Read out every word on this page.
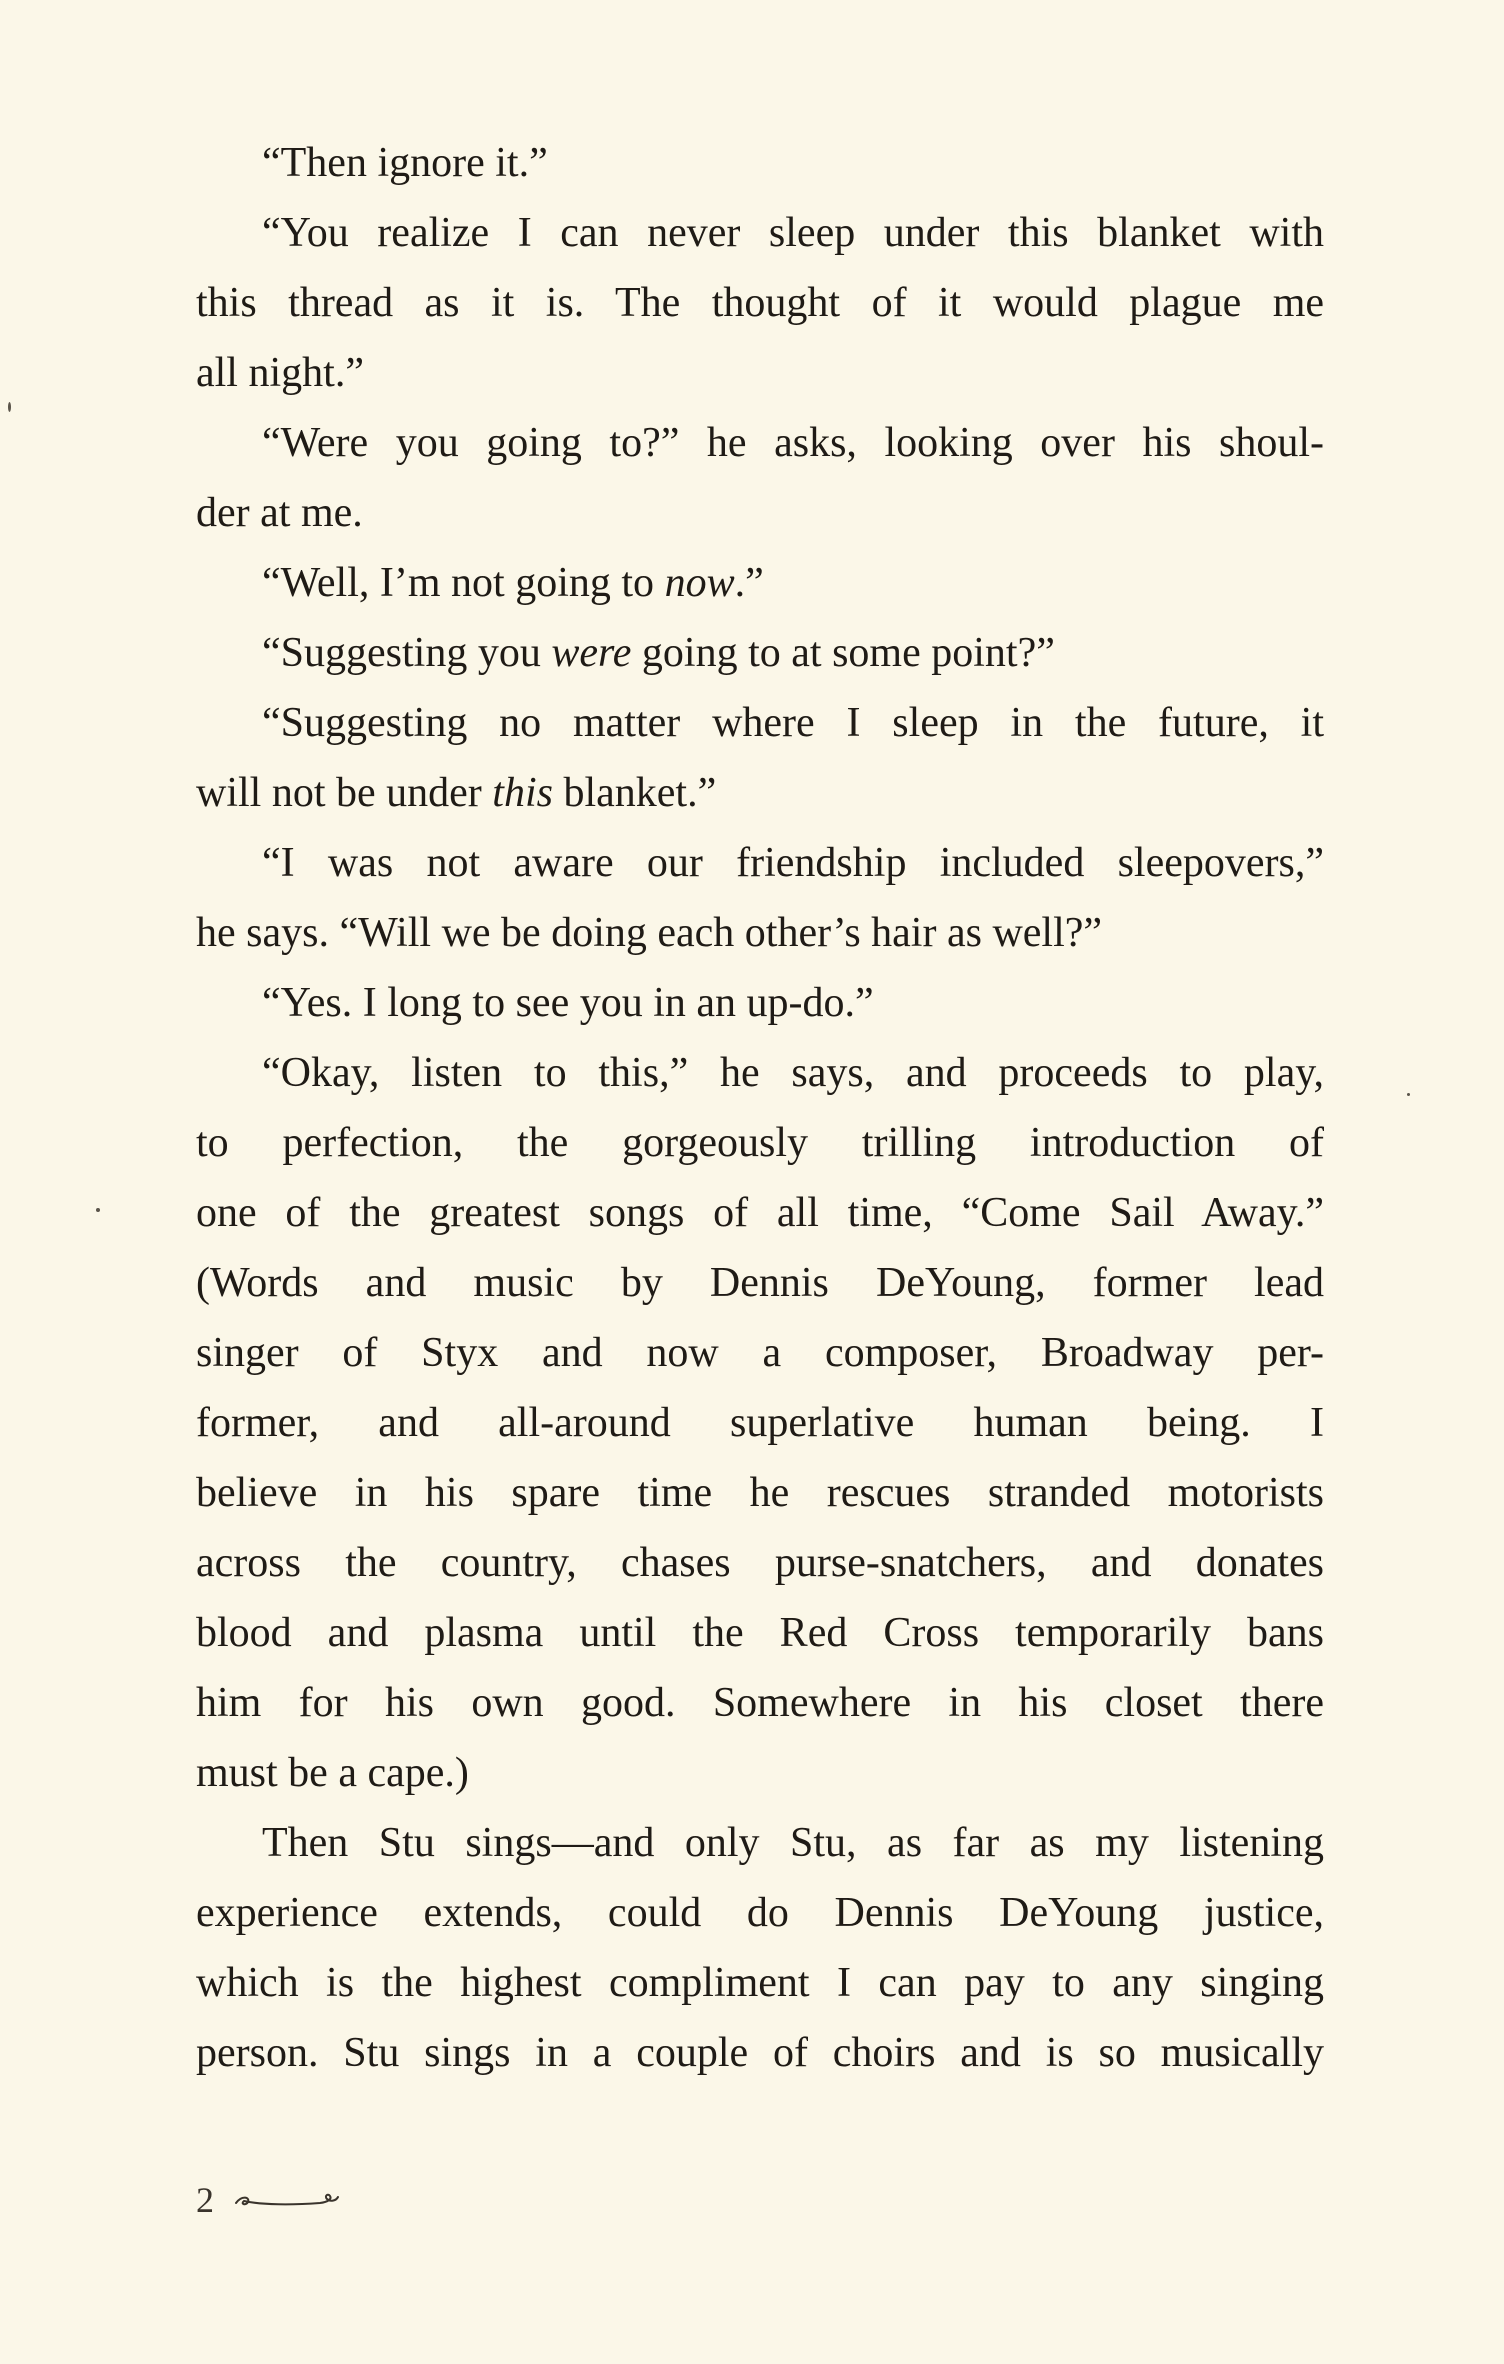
“Then ignore it.”
“You realize I can never sleep under this blanket with
this thread as it is. The thought of it would plague me
all night.”
“Were you going to?” he asks, looking over his shoul-
der at me.
“Well, I’m not going to now.”
“Suggesting you were going to at some point?”
“Suggesting no matter where I sleep in the future, it
will not be under this blanket.”
“I was not aware our friendship included sleepovers,”
he says. “Will we be doing each other’s hair as well?”
“Yes. I long to see you in an up-do.”
“Okay, listen to this,” he says, and proceeds to play,
to perfection, the gorgeously trilling introduction of
one of the greatest songs of all time, “Come Sail Away.”
(Words and music by Dennis DeYoung, former lead
singer of Styx and now a composer, Broadway per-
former, and all-around superlative human being. I
believe in his spare time he rescues stranded motorists
across the country, chases purse-snatchers, and donates
blood and plasma until the Red Cross temporarily bans
him for his own good. Somewhere in his closet there
must be a cape.)
Then Stu sings—and only Stu, as far as my listening
experience extends, could do Dennis DeYoung justice,
which is the highest compliment I can pay to any singing
person. Stu sings in a couple of choirs and is so musically
2
